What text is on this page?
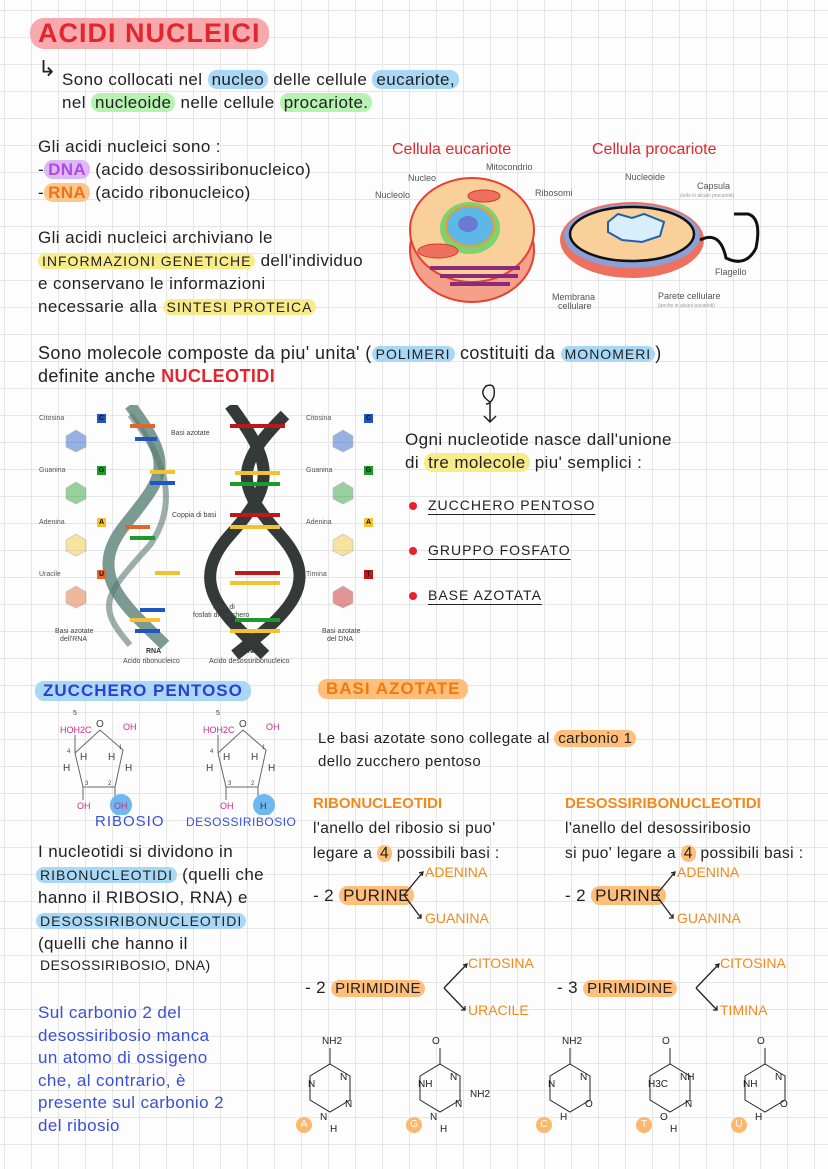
ACIDI NUCLEICI
↳ Sono collocati nel nucleo delle cellule eucariote,
nel nucleoide nelle cellule procariote.
Gli acidi nucleici sono :
- DNA (acido desossiribonucleico)
- RNA (acido ribonucleico)
Gli acidi nucleici archiviano le
INFORMAZIONI GENETICHE dell'individuo
e conservano le informazioni
necessarie alla SINTESI PROTEICA
Cellula eucariote	Cellula procariote
Nucleo
Nucleolo
Mitocondrio
Ribosomi
Membrana
cellulare
Nucleoide
Capsula
(solo in alcuni procarioti)
Flagello
Parete cellulare
(anche in alcuni eucarioti)
Sono molecole composte da piu' unita' ( POLIMERI costituiti da MONOMERI )
definite anche NUCLEOTIDI
Basi azotate
Coppia di basi
elica di
fosfati di zucchero
RNA
Acido ribonucleico
DNA
Acido desossiribonucleico
Basi azotate
dell'RNA
Basi azotate
del DNA
Citosina	C
Guanina	G
Adenina	A
Uracile	U
Citosina	C
Guanina	G
Adenina	A
Timina	T
Ogni nucleotide nasce dall'unione
di tre molecole piu' semplici :
ZUCCHERO PENTOSO
GRUPPO FOSFATO
BASE AZOTATA
ZUCCHERO PENTOSO
HOH2C O OH
H H
H	H
5
4
3	2
1
OH	OH
HOH2C O OH
H H
H	H
5
4
3	2
1
OH	H
RIBOSIO DESOSSIRIBOSIO
I nucleotidi si dividono in
RIBONUCLEOTIDI (quelli che
hanno il RIBOSIO, RNA) e
DESOSSIRIBONUCLEOTIDI
(quelli che hanno il
DESOSSIRIBOSIO, DNA)
Sul carbonio 2 del
desossiribosio manca
un atomo di ossigeno
che, al contrario, è
presente sul carbonio 2
del ribosio
BASI AZOTATE
Le basi azotate sono collegate al carbonio 1
dello zucchero pentoso
RIBONUCLEOTIDI
l'anello del ribosio si puo'
legare a 4 possibili basi :
- 2 PURINE
ADENINA
GUANINA
- 2 PIRIMIDINE
CITOSINA
URACILE
DESOSSIRIBONUCLEOTIDI
l'anello del desossiribosio
si puo' legare a 4 possibili basi :
- 2 PURINE
ADENINA
GUANINA
- 3 PIRIMIDINE
CITOSINA
TIMINA
NH2
N
N
N
N
H
A
O
NH
N
N
N
H
NH2
G
NH2
N
N
O
H
C
O
H3C
NH
N
O
H
T
O
NH
N
O
H
U
